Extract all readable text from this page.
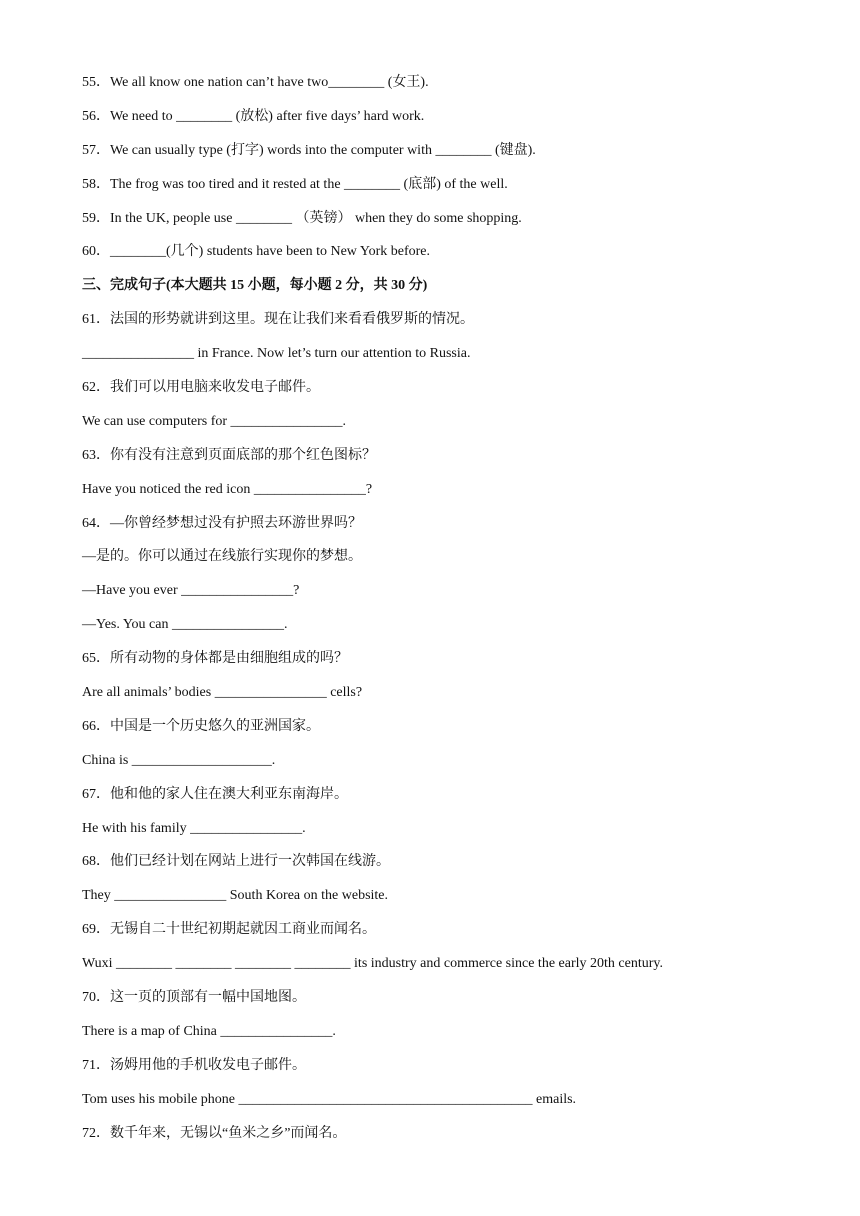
55．We all know one nation can’t have two________ (女王).
56．We need to ________ (放松) after five days’ hard work.
57．We can usually type (打字) words into the computer with ________ (键盘).
58．The frog was too tired and it rested at the ________ (底部) of the well.
59．In the UK, people use ________ （英镑） when they do some shopping.
60．________(几个) students have been to New York before.
三、完成句子(本大题共 15 小题，每小题 2 分，共 30 分)
61．法国的形势就讲到这里。现在让我们来看看俄罗斯的情况。
________________ in France. Now let’s turn our attention to Russia.
62．我们可以用电脑来收发电子邮件。
We can use computers for ________________.
63．你有没有注意到页面底部的那个红色图标？
Have you noticed the red icon ________________?
64．—你曾经梦想过没有护照去环游世界吗？
—是的。你可以通过在线旅行实现你的梦想。
—Have you ever ________________?
—Yes. You can ________________.
65．所有动物的身体都是由细胞组成的吗？
Are all animals’ bodies ________________ cells?
66．中国是一个历史悠久的亚洲国家。
China is ____________________.
67．他和他的家人住在澳大利亚东南海岸。
He with his family ________________.
68．他们已经计划在网站上进行一次韩国在线游。
They ________________ South Korea on the website.
69．无锡自二十世纪初期起就因工商业而闻名。
Wuxi ________ ________ ________ ________ its industry and commerce since the early 20th century.
70．这一页的顶部有一幅中国地图。
There is a map of China ________________.
71．汤姆用他的手机收发电子邮件。
Tom uses his mobile phone __________________________________________ emails.
72．数千年来，无锡以“鱼米之乡”而闻名。
